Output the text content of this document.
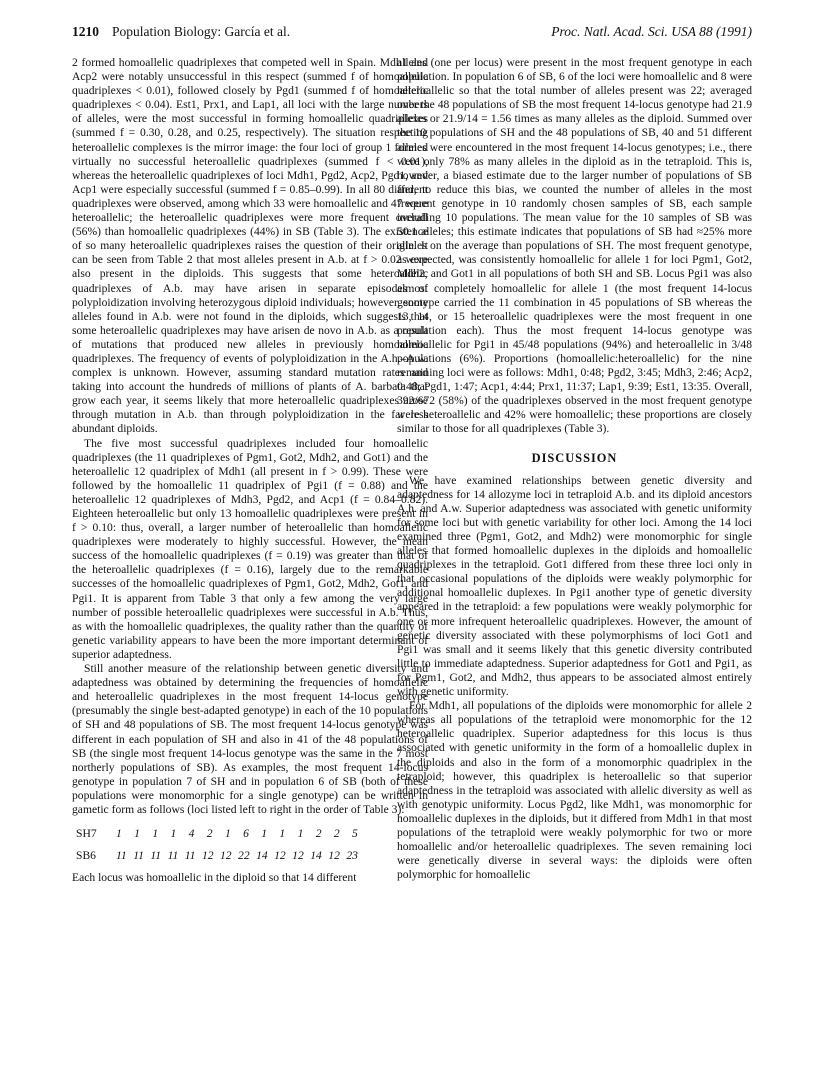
1210 Population Biology: García et al.	Proc. Natl. Acad. Sci. USA 88 (1991)

2 formed homoallelic quadriplexes that competed well in Spain. Mdh1 and Acp2 were notably unsuccessful in this respect (summed f of homoallelic quadriplexes < 0.01), followed closely by Pgd1 (summed f of homoallelic quadriplexes < 0.04). Est1, Prx1, and Lap1, all loci with the large numbers of alleles, were the most successful in forming homoallelic quadriplexes (summed f = 0.30, 0.28, and 0.25, respectively). The situation respecting heteroallelic complexes is the mirror image: the four loci of group 1 formed virtually no successful heteroallelic quadriplexes (summed f < 0.01), whereas the heteroallelic quadriplexes of loci Mdh1, Pgd2, Acp2, Pgd1, and Acp1 were especially successful (summed f = 0.85–0.99). In all 80 different quadriplexes were observed, among which 33 were homoallelic and 47 were heteroallelic; the heteroallelic quadriplexes were more frequent overall (56%) than homoallelic quadriplexes (44%) in SB (Table 3). The existence of so many heteroallelic quadriplexes raises the question of their origin. It can be seen from Table 2 that most alleles present in A.b. at f > 0.02 were also present in the diploids. This suggests that some heteroallelic quadriplexes of A.b. may have arisen in separate episodes of polyploidization involving heterozygous diploid individuals; however, some alleles found in A.b. were not found in the diploids, which suggests that some heteroallelic quadriplexes may have arisen de novo in A.b. as a result of mutations that produced new alleles in previously homoallelic quadriplexes. The frequency of events of polyploidization in the A.h.–A.w. complex is unknown. However, assuming standard mutation rates and taking into account the hundreds of millions of plants of A. barbata that grow each year, it seems likely that more heteroallelic quadriplexes arose through mutation in A.b. than through polyploidization in the far less abundant diploids.

The five most successful quadriplexes included four homoallelic quadriplexes (the 11 quadriplexes of Pgm1, Got2, Mdh2, and Got1) and the heteroallelic 12 quadriplex of Mdh1 (all present in f > 0.99). These were followed by the homoallelic 11 quadriplex of Pgi1 (f = 0.88) and the heteroallelic 12 quadriplexes of Mdh3, Pgd2, and Acp1 (f = 0.84–0.82). Eighteen heteroallelic but only 13 homoallelic quadriplexes were present in f > 0.10: thus, overall, a larger number of heteroallelic than homoallelic quadriplexes were moderately to highly successful. However, the mean success of the homoallelic quadriplexes (f = 0.19) was greater than that of the heteroallelic quadriplexes (f = 0.16), largely due to the remarkable successes of the homoallelic quadriplexes of Pgm1, Got2, Mdh2, Got1, and Pgi1. It is apparent from Table 3 that only a few among the very large number of possible heteroallelic quadriplexes were successful in A.b. Thus, as with the homoallelic quadriplexes, the quality rather than the quantity of genetic variability appears to have been the more important determinant of superior adaptedness.

Still another measure of the relationship between genetic diversity and adaptedness was obtained by determining the frequencies of homoallelic and heteroallelic quadriplexes in the most frequent 14-locus genotype (presumably the single best-adapted genotype) in each of the 10 populations of SH and 48 populations of SB. The most frequent 14-locus genotype was different in each population of SH and also in 41 of the 48 populations of SB (the single most frequent 14-locus genotype was the same in the 7 most northerly populations of SB). As examples, the most frequent 14-locus genotype in population 7 of SH and in population 6 of SB (both of these populations were monomorphic for a single genotype) can be written in gametic form as follows (loci listed left to right in the order of Table 3):

SH7	1 1 1 1 4 2 1 6 1 1 1 2 2 5
SB6	11 11 11 11 11 12 12 22 14 12 12 14 12 23

Each locus was homoallelic in the diploid so that 14 different

alleles (one per locus) were present in the most frequent genotype in each population. In population 6 of SB, 6 of the loci were homoallelic and 8 were heteroallelic so that the total number of alleles present was 22; averaged over the 48 populations of SB the most frequent 14-locus genotype had 21.9 alleles or 21.9/14 = 1.56 times as many alleles as the diploid. Summed over the 10 populations of SH and the 48 populations of SB, 40 and 51 different alleles were encountered in the most frequent 14-locus genotypes; i.e., there were only 78% as many alleles in the diploid as in the tetraploid. This is, however, a biased estimate due to the larger number of populations of SB and, to reduce this bias, we counted the number of alleles in the most frequent genotype in 10 randomly chosen samples of SB, each sample including 10 populations. The mean value for the 10 samples of SB was 50.1 alleles; this estimate indicates that populations of SB had ≈25% more alleles on the average than populations of SH. The most frequent genotype, as expected, was consistently homoallelic for allele 1 for loci Pgm1, Got2, Mdh2, and Got1 in all populations of both SH and SB. Locus Pgi1 was also almost completely homoallelic for allele 1 (the most frequent 14-locus genotype carried the 11 combination in 45 populations of SB whereas the 13, 14, or 15 heteroallelic quadriplexes were the most frequent in one population each). Thus the most frequent 14-locus genotype was homoallelic for Pgi1 in 45/48 populations (94%) and heteroallelic in 3/48 populations (6%). Proportions (homoallelic:heteroallelic) for the nine remaining loci were as follows: Mdh1, 0:48; Pgd2, 3:45; Mdh3, 2:46; Acp2, 0:48; Pgd1, 1:47; Acp1, 4:44; Prx1, 11:37; Lap1, 9:39; Est1, 13:35. Overall, 392/672 (58%) of the quadriplexes observed in the most frequent genotype were heteroallelic and 42% were homoallelic; these proportions are closely similar to those for all quadriplexes (Table 3).

DISCUSSION

We have examined relationships between genetic diversity and adaptedness for 14 allozyme loci in tetraploid A.b. and its diploid ancestors A.h. and A.w. Superior adaptedness was associated with genetic uniformity for some loci but with genetic variability for other loci. Among the 14 loci examined three (Pgm1, Got2, and Mdh2) were monomorphic for single alleles that formed homoallelic duplexes in the diploids and homoallelic quadriplexes in the tetraploid. Got1 differed from these three loci only in that occasional populations of the diploids were weakly polymorphic for additional homoallelic duplexes. In Pgi1 another type of genetic diversity appeared in the tetraploid: a few populations were weakly polymorphic for one or more infrequent heteroallelic quadriplexes. However, the amount of genetic diversity associated with these polymorphisms of loci Got1 and Pgi1 was small and it seems likely that this genetic diversity contributed little to immediate adaptedness. Superior adaptedness for Got1 and Pgi1, as for Pgm1, Got2, and Mdh2, thus appears to be associated almost entirely with genetic uniformity.

For Mdh1, all populations of the diploids were monomorphic for allele 2 whereas all populations of the tetraploid were monomorphic for the 12 heteroallelic quadriplex. Superior adaptedness for this locus is thus associated with genetic uniformity in the form of a homoallelic duplex in the diploids and also in the form of a monomorphic quadriplex in the tetraploid; however, this quadriplex is heteroallelic so that superior adaptedness in the tetraploid was associated with allelic diversity as well as with genotypic uniformity. Locus Pgd2, like Mdh1, was monomorphic for homoallelic duplexes in the diploids, but it differed from Mdh1 in that most populations of the tetraploid were weakly polymorphic for two or more homoallelic and/or heteroallelic quadriplexes. The seven remaining loci were genetically diverse in several ways: the diploids were often polymorphic for homoallelic
